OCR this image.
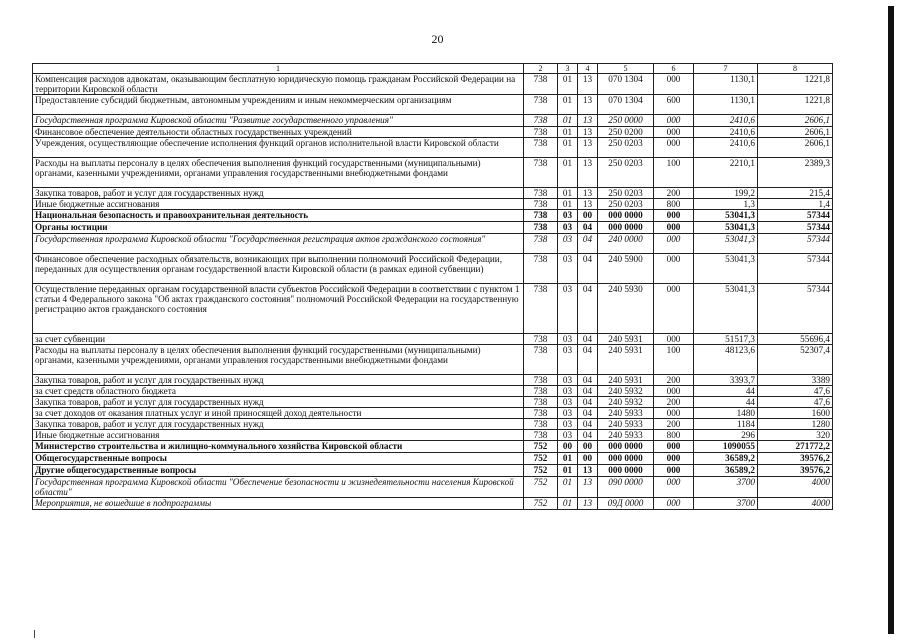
20
1	2	3	4	5	6	7	8
Компенсация расходов адвокатам, оказывающим бесплатную юридическую помощь гражданам Российской Федерации на территории Кировской области	738	01	13	070 1304	000	1130,1	1221,8
Предоставление субсидий бюджетным, автономным учреждениям и иным некоммерческим организациям	738	01	13	070 1304	600	1130,1	1221,8
Государственная программа Кировской области "Развитие государственного управления"	738	01	13	250 0000	000	2410,6	2606,1
Финансовое обеспечение деятельности областных государственных учреждений	738	01	13	250 0200	000	2410,6	2606,1
Учреждения, осуществляющие обеспечение исполнения функций органов исполнительной власти Кировской области	738	01	13	250 0203	000	2410,6	2606,1
Расходы на выплаты персоналу в целях обеспечения выполнения функций государственными (муниципальными) органами, казенными учреждениями, органами управления государственными внебюджетными фондами	738	01	13	250 0203	100	2210,1	2389,3
Закупка товаров, работ и услуг для государственных нужд	738	01	13	250 0203	200	199,2	215,4
Иные бюджетные ассигнования	738	01	13	250 0203	800	1,3	1,4
Национальная безопасность и правоохранительная деятельность	738	03	00	000 0000	000	53041,3	57344
Органы юстиции	738	03	04	000 0000	000	53041,3	57344
Государственная программа Кировской области "Государственная регистрация актов гражданского состояния"	738	03	04	240 0000	000	53041,3	57344
Финансовое обеспечение расходных обязательств, возникающих при выполнении полномочий Российской Федерации, переданных для осуществления органам государственной власти Кировской области (в рамках единой субвенции)	738	03	04	240 5900	000	53041,3	57344
Осуществление переданных органам государственной власти субъектов Российской Федерации в соответствии с пунктом 1 статьи 4 Федерального закона "Об актах гражданского состояния" полномочий Российской Федерации на государственную регистрацию актов гражданского состояния	738	03	04	240 5930	000	53041,3	57344
за счет субвенции	738	03	04	240 5931	000	51517,3	55696,4
Расходы на выплаты персоналу в целях обеспечения выполнения функций государственными (муниципальными) органами, казенными учреждениями, органами управления государственными внебюджетными фондами	738	03	04	240 5931	100	48123,6	52307,4
Закупка товаров, работ и услуг для государственных нужд	738	03	04	240 5931	200	3393,7	3389
за счет средств областного бюджета	738	03	04	240 5932	000	44	47,6
Закупка товаров, работ и услуг для государственных нужд	738	03	04	240 5932	200	44	47,6
за счет доходов от оказания платных услуг и иной приносящей доход деятельности	738	03	04	240 5933	000	1480	1600
Закупка товаров, работ и услуг для государственных нужд	738	03	04	240 5933	200	1184	1280
Иные бюджетные ассигнования	738	03	04	240 5933	800	296	320
Министерство строительства и жилищно-коммунального хозяйства Кировской области	752	00	00	000 0000	000	1090055	271772,2
Общегосударственные вопросы	752	01	00	000 0000	000	36589,2	39576,2
Другие общегосударственные вопросы	752	01	13	000 0000	000	36589,2	39576,2
Государственная программа Кировской области "Обеспечение безопасности и жизнедеятельности населения Кировской области"	752	01	13	090 0000	000	3700	4000
Мероприятия, не вошедшие в подпрограммы	752	01	13	09Д 0000	000	3700	4000
